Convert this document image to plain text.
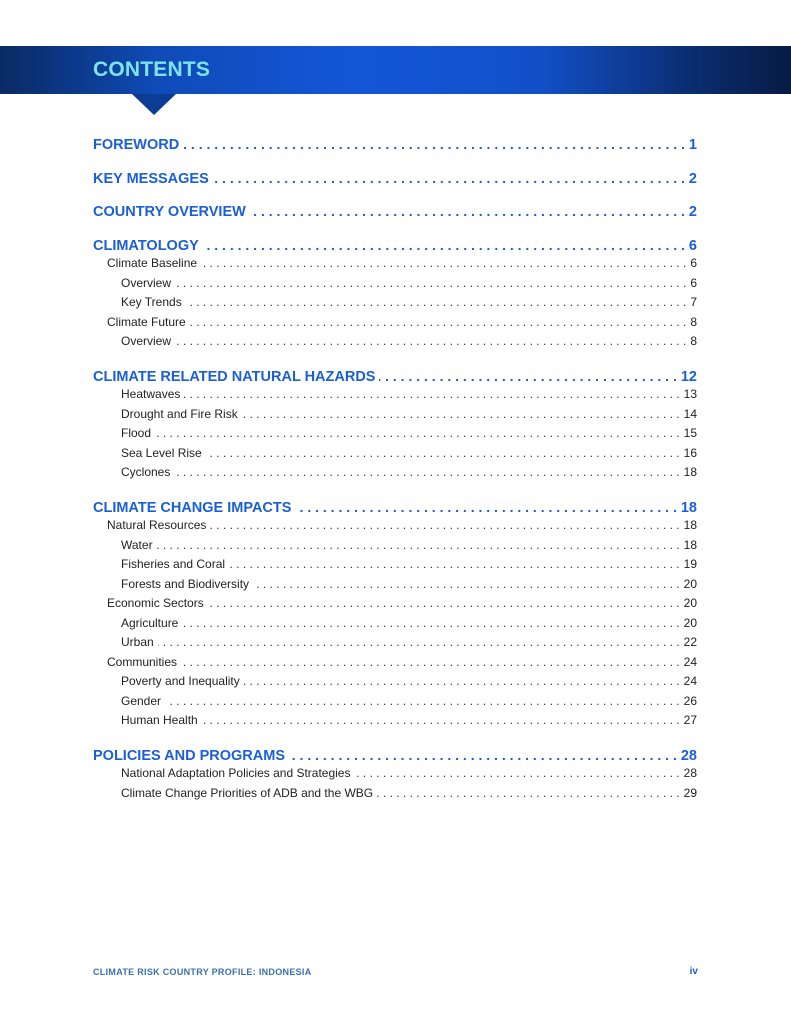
CONTENTS
FOREWORD . . .	1
KEY MESSAGES . . .	2
COUNTRY OVERVIEW . . .	2
CLIMATOLOGY . . .	6
Climate Baseline . . .	6
Overview . . .	6
Key Trends . . .	7
Climate Future . . .	8
Overview . . .	8
CLIMATE RELATED NATURAL HAZARDS . . .	12
Heatwaves . . .	13
Drought and Fire Risk . . .	14
Flood . . .	15
Sea Level Rise . . .	16
Cyclones . . .	18
CLIMATE CHANGE IMPACTS . . .	18
Natural Resources . . .	18
Water . . .	18
Fisheries and Coral . . .	19
Forests and Biodiversity . . .	20
Economic Sectors . . .	20
Agriculture . . .	20
Urban . . .	22
Communities . . .	24
Poverty and Inequality . . .	24
Gender . . .	26
Human Health . . .	27
POLICIES AND PROGRAMS . . .	28
National Adaptation Policies and Strategies . . .	28
Climate Change Priorities of ADB and the WBG . . .	29
CLIMATE RISK COUNTRY PROFILE: INDONESIA	iv
